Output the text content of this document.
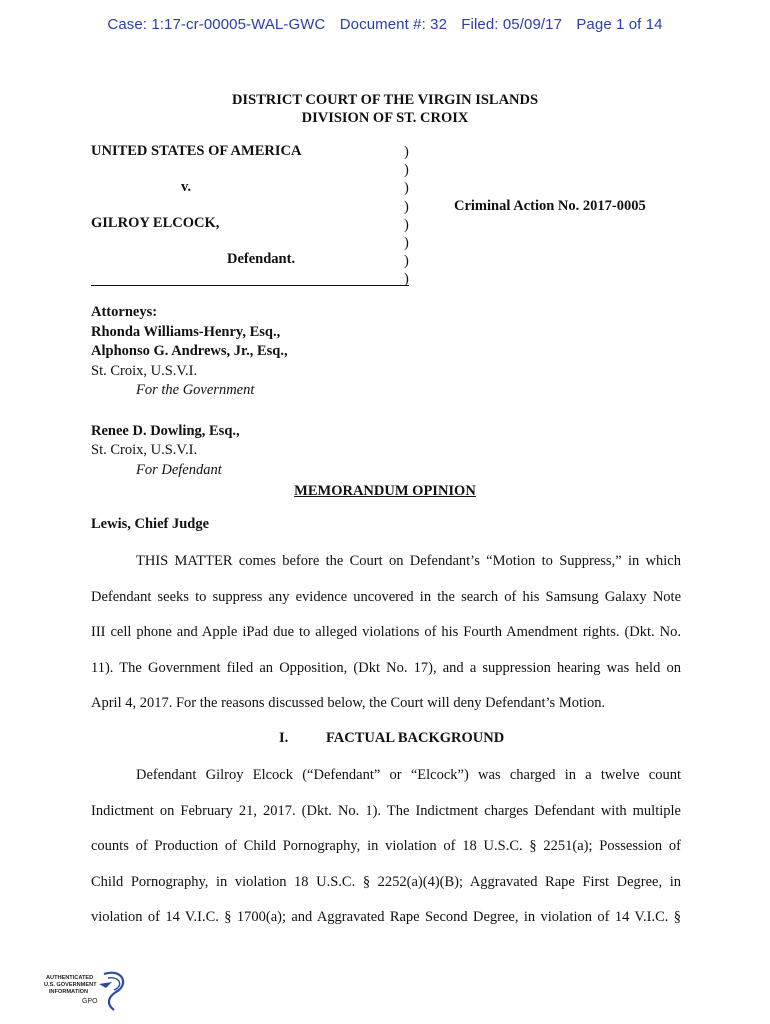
Case: 1:17-cr-00005-WAL-GWC Document #: 32 Filed: 05/09/17 Page 1 of 14
DISTRICT COURT OF THE VIRGIN ISLANDS
DIVISION OF ST. CROIX
UNITED STATES OF AMERICA
v.
GILROY ELCOCK,
Defendant.
)
)
)
)
)
)
)
)
Criminal Action No. 2017-0005
Attorneys:
Rhonda Williams-Henry, Esq.,
Alphonso G. Andrews, Jr., Esq.,
St. Croix, U.S.V.I.
For the Government
Renee D. Dowling, Esq.,
St. Croix, U.S.V.I.
For Defendant
MEMORANDUM OPINION
Lewis, Chief Judge
THIS MATTER comes before the Court on Defendant’s “Motion to Suppress,” in which
Defendant seeks to suppress any evidence uncovered in the search of his Samsung Galaxy Note
III cell phone and Apple iPad due to alleged violations of his Fourth Amendment rights. (Dkt. No.
11). The Government filed an Opposition, (Dkt No. 17), and a suppression hearing was held on
April 4, 2017. For the reasons discussed below, the Court will deny Defendant’s Motion.
I.	FACTUAL BACKGROUND
Defendant Gilroy Elcock (“Defendant” or “Elcock”) was charged in a twelve count
Indictment on February 21, 2017. (Dkt. No. 1). The Indictment charges Defendant with multiple
counts of Production of Child Pornography, in violation of 18 U.S.C. § 2251(a); Possession of
Child Pornography, in violation 18 U.S.C. § 2252(a)(4)(B); Aggravated Rape First Degree, in
violation of 14 V.I.C. § 1700(a); and Aggravated Rape Second Degree, in violation of 14 V.I.C. §
AUTHENTICATED
U.S. GOVERNMENT
INFORMATION
GPO
